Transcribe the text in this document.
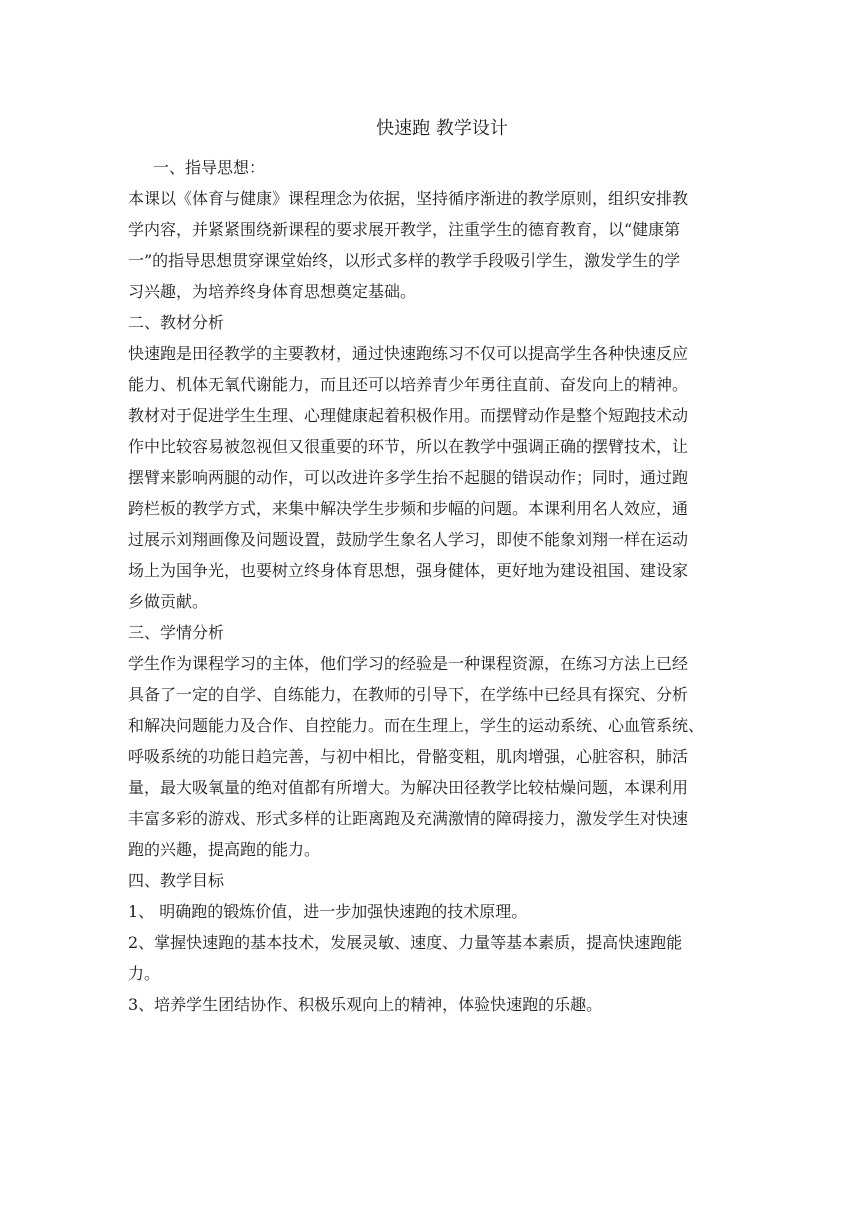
快速跑 教学设计

一、指导思想：

本课以《体育与健康》课程理念为依据，坚持循序渐进的教学原则，组织安排教

学内容，并紧紧围绕新课程的要求展开教学，注重学生的德育教育，以“健康第

一”的指导思想贯穿课堂始终，以形式多样的教学手段吸引学生，激发学生的学

习兴趣，为培养终身体育思想奠定基础。

二、教材分析

快速跑是田径教学的主要教材，通过快速跑练习不仅可以提高学生各种快速反应

能力、机体无氧代谢能力，而且还可以培养青少年勇往直前、奋发向上的精神。

教材对于促进学生生理、心理健康起着积极作用。而摆臂动作是整个短跑技术动

作中比较容易被忽视但又很重要的环节，所以在教学中强调正确的摆臂技术，让

摆臂来影响两腿的动作，可以改进许多学生抬不起腿的错误动作；同时，通过跑

跨栏板的教学方式，来集中解决学生步频和步幅的问题。本课利用名人效应，通

过展示刘翔画像及问题设置，鼓励学生象名人学习，即使不能象刘翔一样在运动

场上为国争光，也要树立终身体育思想，强身健体，更好地为建设祖国、建设家

乡做贡献。

三、学情分析

学生作为课程学习的主体，他们学习的经验是一种课程资源，在练习方法上已经

具备了一定的自学、自练能力，在教师的引导下，在学练中已经具有探究、分析

和解决问题能力及合作、自控能力。而在生理上，学生的运动系统、心血管系统、

呼吸系统的功能日趋完善，与初中相比，骨骼变粗，肌肉增强，心脏容积，肺活

量，最大吸氧量的绝对值都有所增大。为解决田径教学比较枯燥问题，本课利用

丰富多彩的游戏、形式多样的让距离跑及充满激情的障碍接力，激发学生对快速

跑的兴趣，提高跑的能力。

四、教学目标

1、 明确跑的锻炼价值，进一步加强快速跑的技术原理。

2、掌握快速跑的基本技术，发展灵敏、速度、力量等基本素质，提高快速跑能

力。

3、培养学生团结协作、积极乐观向上的精神，体验快速跑的乐趣。
